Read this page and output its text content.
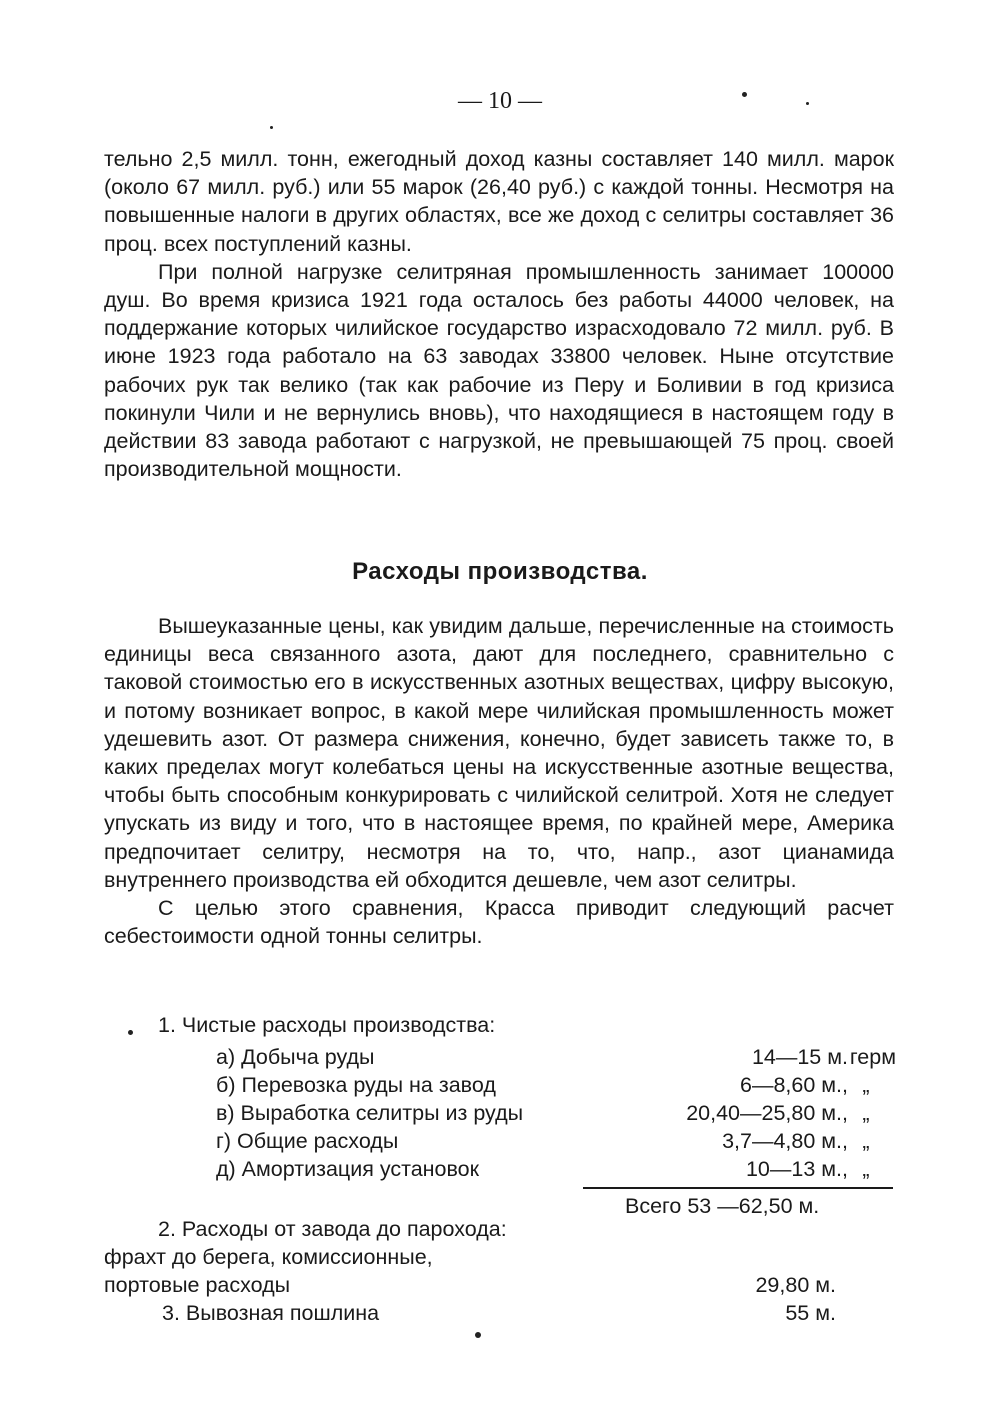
— 10 —

тельно 2,5 милл. тонн, ежегодный доход казны составляет 140 милл. марок (около 67 милл. руб.) или 55 марок (26,40 руб.) с каждой тонны. Несмотря на повышенные налоги в других областях, все же доход с селитры составляет 36 проц. всех поступлений казны.

При полной нагрузке селитряная промышленность занимает 100000 душ. Во время кризиса 1921 года осталось без работы 44000 человек, на поддержание которых чилийское государство израсходовало 72 милл. руб. В июне 1923 года работало на 63 заводах 33800 человек. Ныне отсутствие рабочих рук так велико (так как рабочие из Перу и Боливии в год кризиса покинули Чили и не вернулись вновь), что находящиеся в настоящем году в действии 83 завода работают с нагрузкой, не превышающей 75 проц. своей производительной мощности.

Расходы производства.

Вышеуказанные цены, как увидим дальше, перечисленные на стоимость единицы веса связанного азота, дают для последнего, сравнительно с таковой стоимостью его в искусственных азотных веществах, цифру высокую, и потому возникает вопрос, в какой мере чилийская промышленность может удешевить азот. От размера снижения, конечно, будет зависеть также то, в каких пределах могут колебаться цены на искусственные азотные вещества, чтобы быть способным конкурировать с чилийской селитрой. Хотя не следует упускать из виду и того, что в настоящее время, по крайней мере, Америка предпочитает селитру, несмотря на то, что, напр., азот цианамида внутреннего производства ей обходится дешевле, чем азот селитры.

С целью этого сравнения, Красса приводит следующий расчет себестоимости одной тонны селитры.

1. Чистые расходы производства:
а) Добыча руды	14—15 м. герм
б) Перевозка руды на завод	6—8,60 м., „
в) Выработка селитры из руды	20,40—25,80 м., „
г) Общие расходы	3,7—4,80 м., „
д) Амортизация установок	10—13 м., „
Всего 53 —62,50 м.
2. Расходы от завода до парохода:
фрахт до берега, комиссионные,
портовые расходы	29,80 м.
3. Вывозная пошлина	55 м.
